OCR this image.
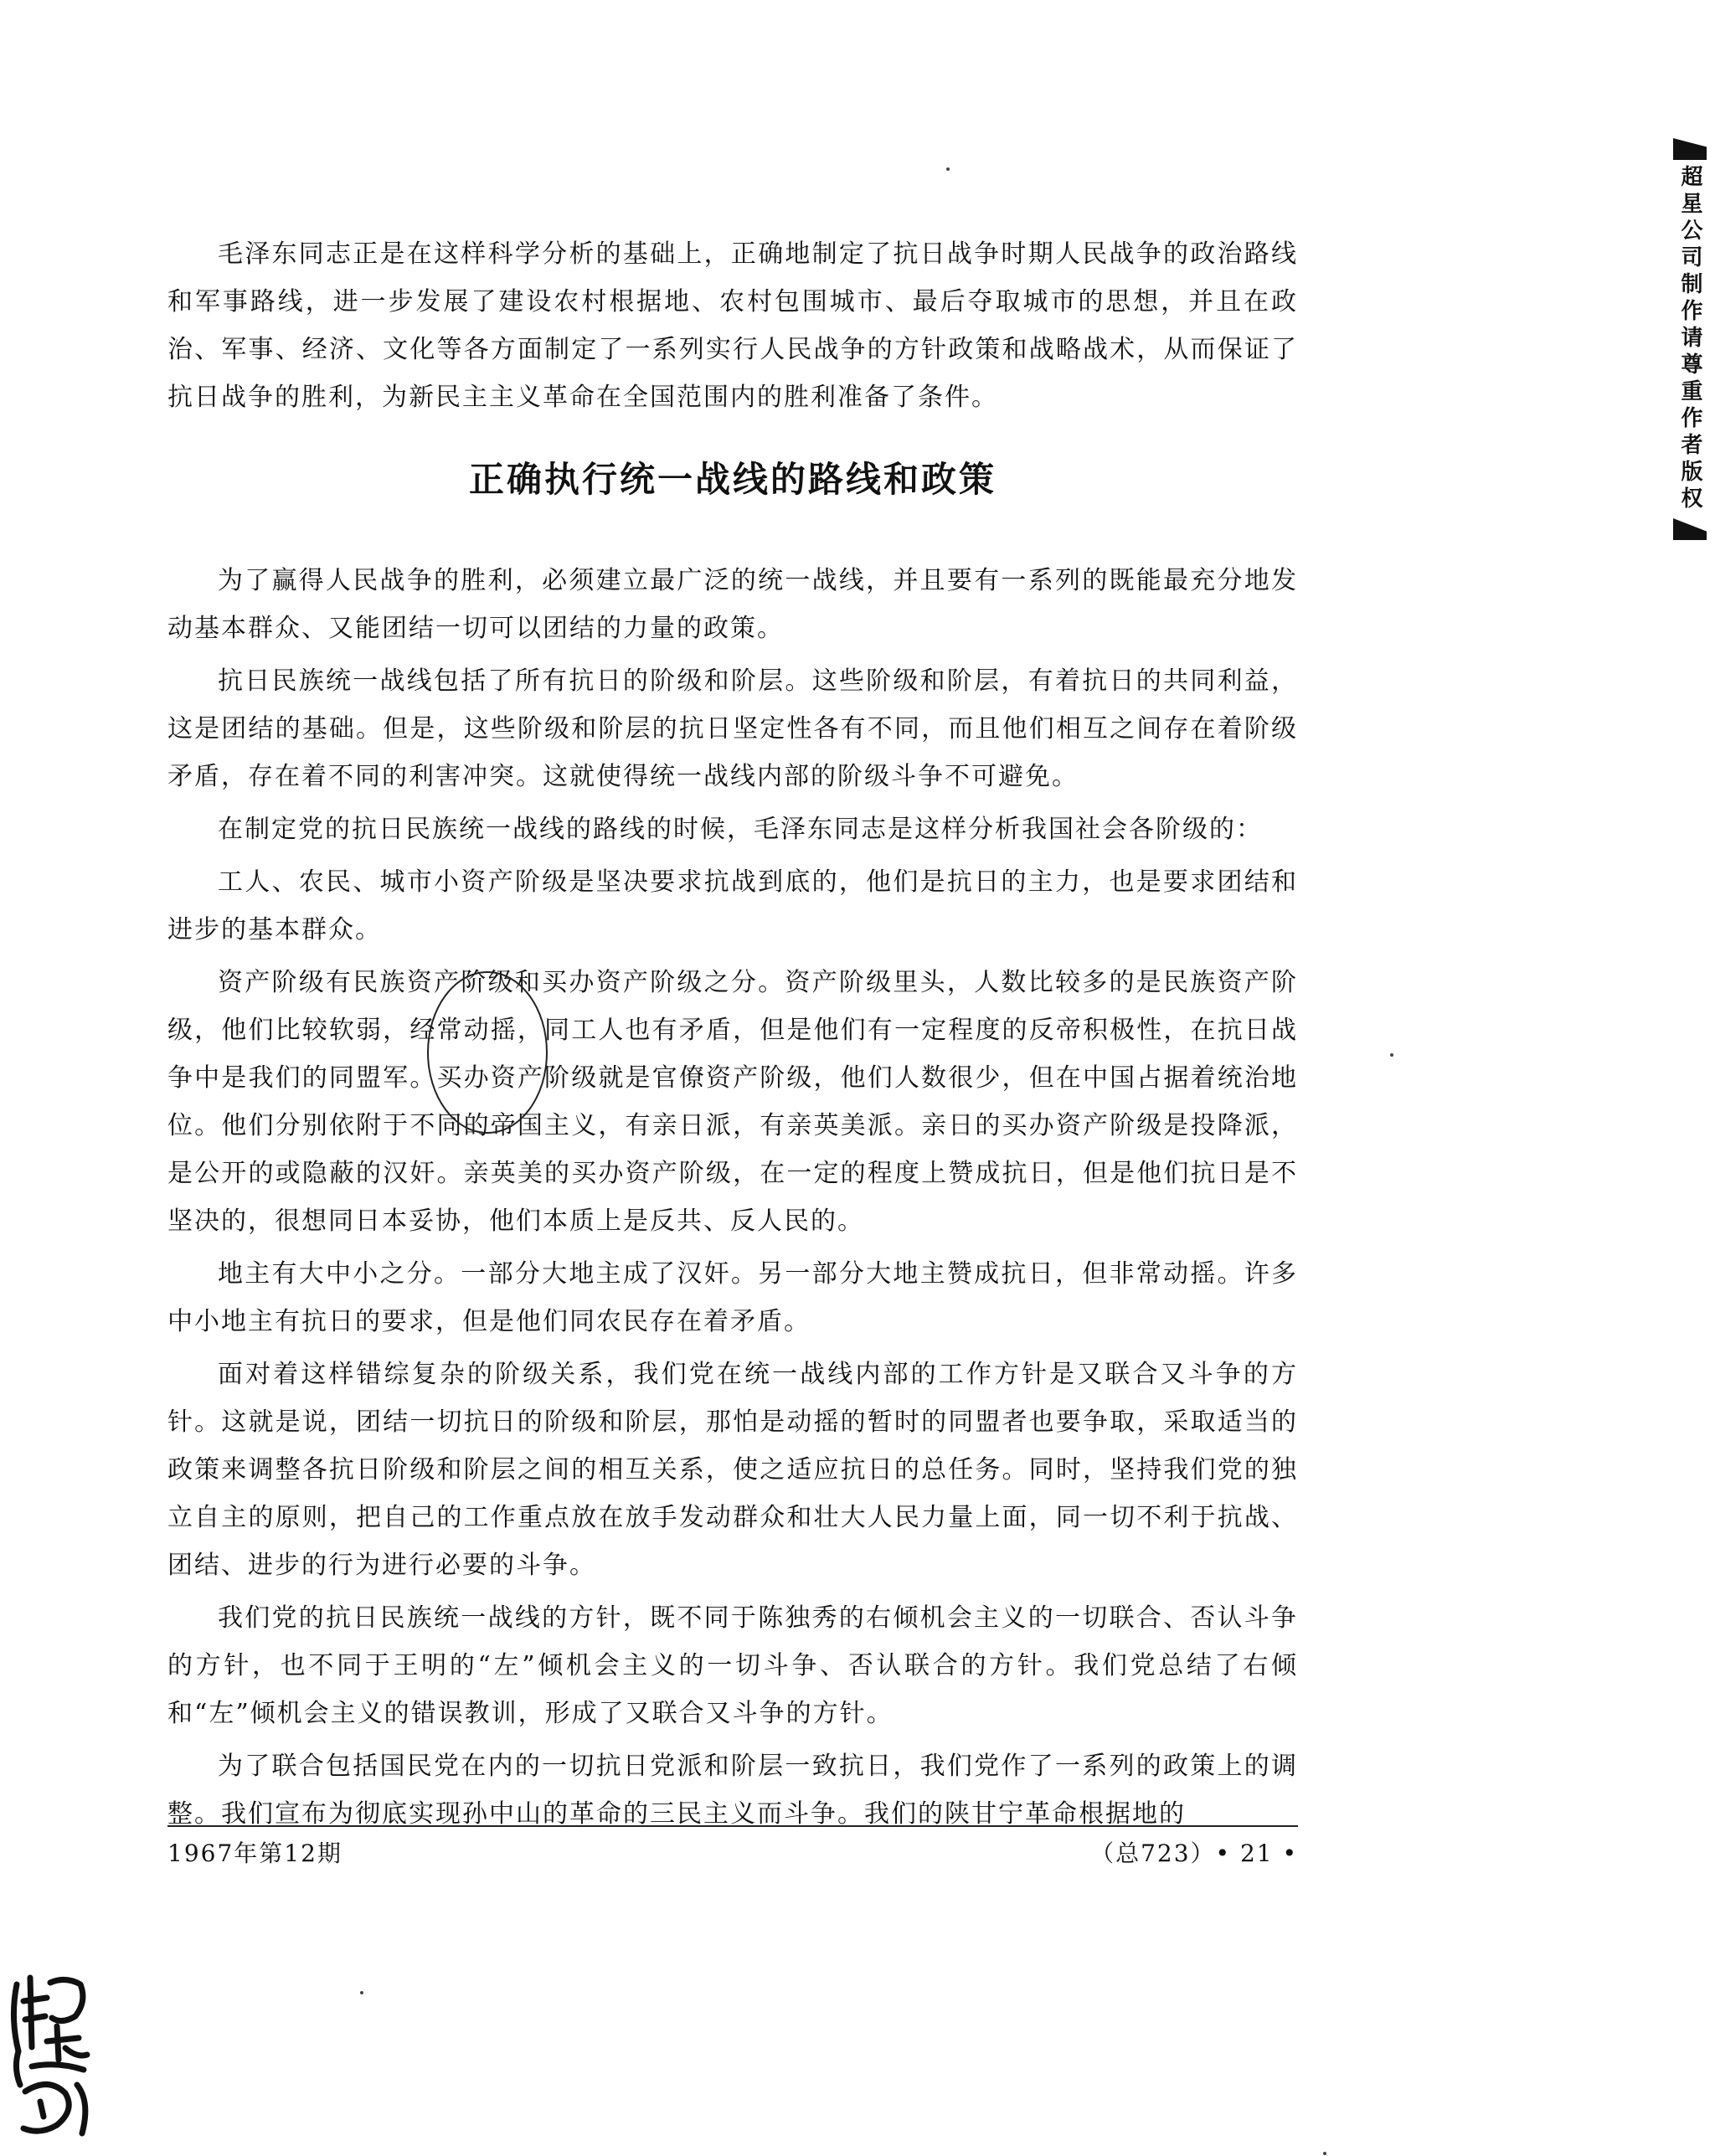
毛泽东同志正是在这样科学分析的基础上，正确地制定了抗日战争时期人民战争的政治路线和军事路线，进一步发展了建设农村根据地、农村包围城市、最后夺取城市的思想，并且在政治、军事、经济、文化等各方面制定了一系列实行人民战争的方针政策和战略战术，从而保证了抗日战争的胜利，为新民主主义革命在全国范围内的胜利准备了条件。

正确执行统一战线的路线和政策

为了赢得人民战争的胜利，必须建立最广泛的统一战线，并且要有一系列的既能最充分地发动基本群众、又能团结一切可以团结的力量的政策。

抗日民族统一战线包括了所有抗日的阶级和阶层。这些阶级和阶层，有着抗日的共同利益，这是团结的基础。但是，这些阶级和阶层的抗日坚定性各有不同，而且他们相互之间存在着阶级矛盾，存在着不同的利害冲突。这就使得统一战线内部的阶级斗争不可避免。

在制定党的抗日民族统一战线的路线的时候，毛泽东同志是这样分析我国社会各阶级的：

工人、农民、城市小资产阶级是坚决要求抗战到底的，他们是抗日的主力，也是要求团结和进步的基本群众。

资产阶级有民族资产阶级和买办资产阶级之分。资产阶级里头，人数比较多的是民族资产阶级，他们比较软弱，经常动摇，同工人也有矛盾，但是他们有一定程度的反帝积极性，在抗日战争中是我们的同盟军。买办资产阶级就是官僚资产阶级，他们人数很少，但在中国占据着统治地位。他们分别依附于不同的帝国主义，有亲日派，有亲英美派。亲日的买办资产阶级是投降派，是公开的或隐蔽的汉奸。亲英美的买办资产阶级，在一定的程度上赞成抗日，但是他们抗日是不坚决的，很想同日本妥协，他们本质上是反共、反人民的。

地主有大中小之分。一部分大地主成了汉奸。另一部分大地主赞成抗日，但非常动摇。许多中小地主有抗日的要求，但是他们同农民存在着矛盾。

面对着这样错综复杂的阶级关系，我们党在统一战线内部的工作方针是又联合又斗争的方针。这就是说，团结一切抗日的阶级和阶层，那怕是动摇的暂时的同盟者也要争取，采取适当的政策来调整各抗日阶级和阶层之间的相互关系，使之适应抗日的总任务。同时，坚持我们党的独立自主的原则，把自己的工作重点放在放手发动群众和壮大人民力量上面，同一切不利于抗战、团结、进步的行为进行必要的斗争。

我们党的抗日民族统一战线的方针，既不同于陈独秀的右倾机会主义的一切联合、否认斗争的方针，也不同于王明的“左”倾机会主义的一切斗争、否认联合的方针。我们党总结了右倾和“左”倾机会主义的错误教训，形成了又联合又斗争的方针。

为了联合包括国民党在内的一切抗日党派和阶层一致抗日，我们党作了一系列的政策上的调整。我们宣布为彻底实现孙中山的革命的三民主义而斗争。我们的陕甘宁革命根据地的

1967年第12期	（总723）• 21 •
超星公司制作请尊重作者版权
